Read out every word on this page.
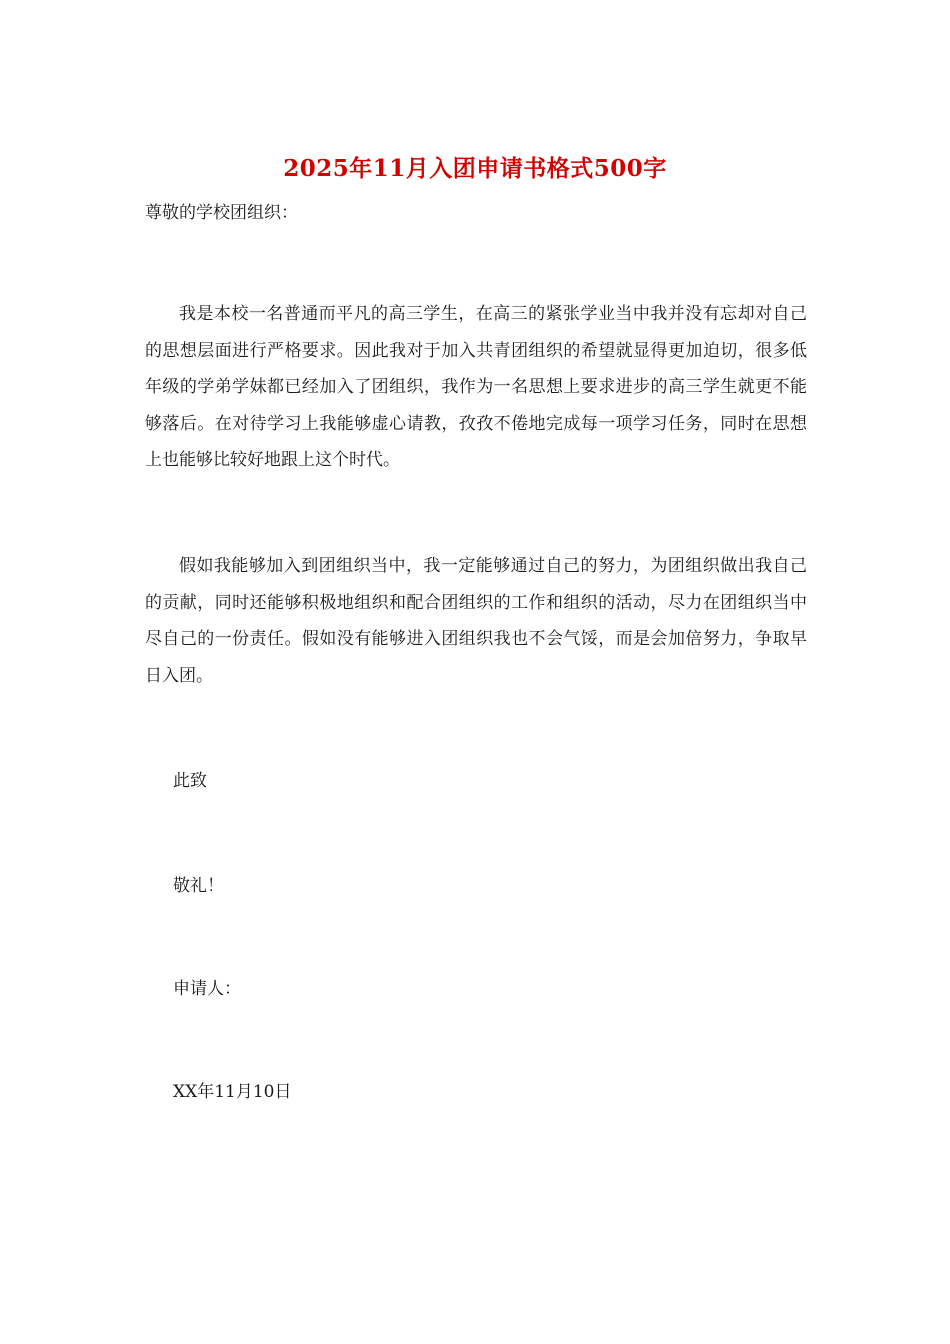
2025年11月入团申请书格式500字
尊敬的学校团组织：

我是本校一名普通而平凡的高三学生，在高三的紧张学业当中我并没有忘却对自己的思想层面进行严格要求。因此我对于加入共青团组织的希望就显得更加迫切，很多低年级的学弟学妹都已经加入了团组织，我作为一名思想上要求进步的高三学生就更不能够落后。在对待学习上我能够虚心请教，孜孜不倦地完成每一项学习任务，同时在思想上也能够比较好地跟上这个时代。

假如我能够加入到团组织当中，我一定能够通过自己的努力，为团组织做出我自己的贡献，同时还能够积极地组织和配合团组织的工作和组织的活动，尽力在团组织当中尽自己的一份责任。假如没有能够进入团组织我也不会气馁，而是会加倍努力，争取早日入团。

此致
敬礼！
申请人：
XX年11月10日
